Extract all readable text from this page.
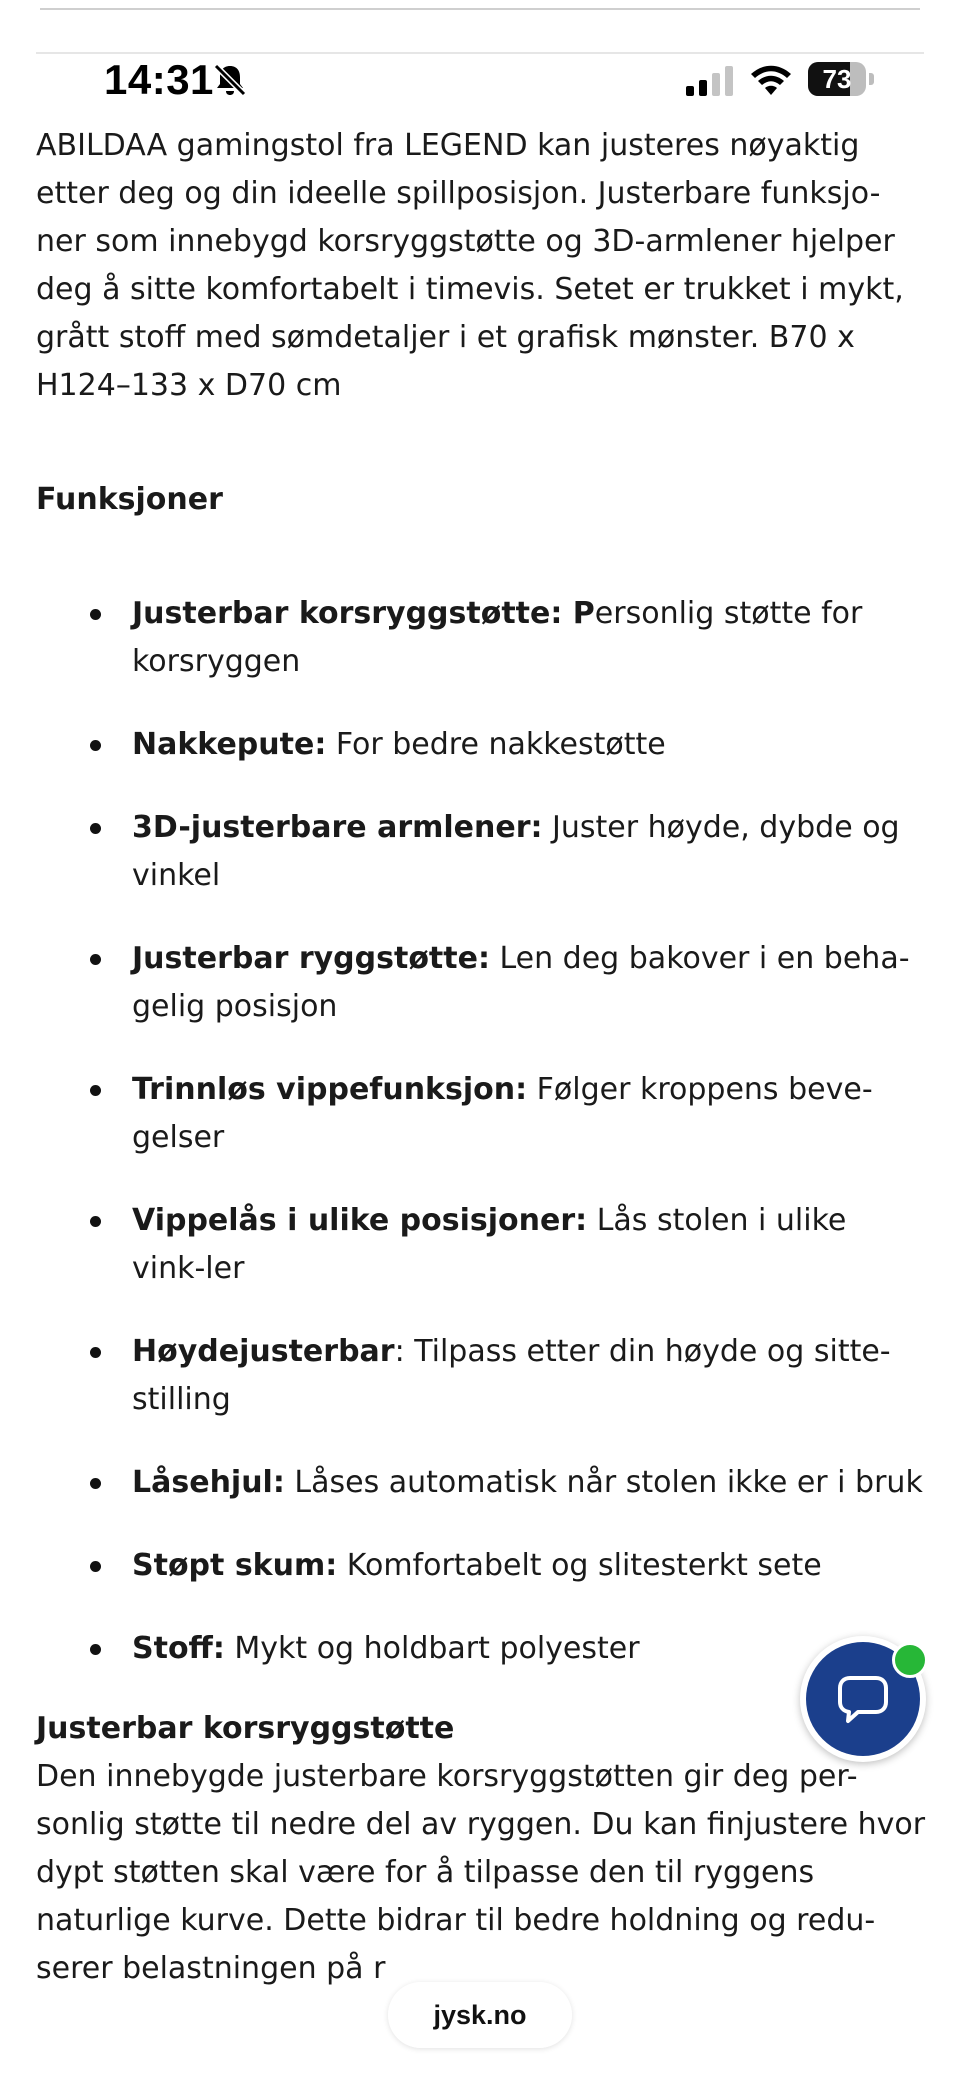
14:31	73

ABILDAA gamingstol fra LEGEND kan justeres nøyaktig etter deg og din ideelle spillposisjon. Justerbare funksjo-ner som innebygd korsryggstøtte og 3D-armlener hjelper deg å sitte komfortabelt i timevis. Setet er trukket i mykt, grått stoff med sømdetaljer i et grafisk mønster. B70 x H124–133 x D70 cm

Funksjoner

Justerbar korsryggstøtte: Personlig støtte for korsryggen
Nakkepute: For bedre nakkestøtte
3D-justerbare armlener: Juster høyde, dybde og vinkel
Justerbar ryggstøtte: Len deg bakover i en beha-gelig posisjon
Trinnløs vippefunksjon: Følger kroppens beve-gelser
Vippelås i ulike posisjoner: Lås stolen i ulike vink-ler
Høydejusterbar: Tilpass etter din høyde og sitte-stilling
Låsehjul: Låses automatisk når stolen ikke er i bruk
Støpt skum: Komfortabelt og slitesterkt sete
Stoff: Mykt og holdbart polyester

Justerbar korsryggstøtte

Den innebygde justerbare korsryggstøtten gir deg per-sonlig støtte til nedre del av ryggen. Du kan finjustere hvor dypt støtten skal være for å tilpasse den til ryggens naturlige kurve. Dette bidrar til bedre holdning og redu-serer belastningen på r

jysk.no
